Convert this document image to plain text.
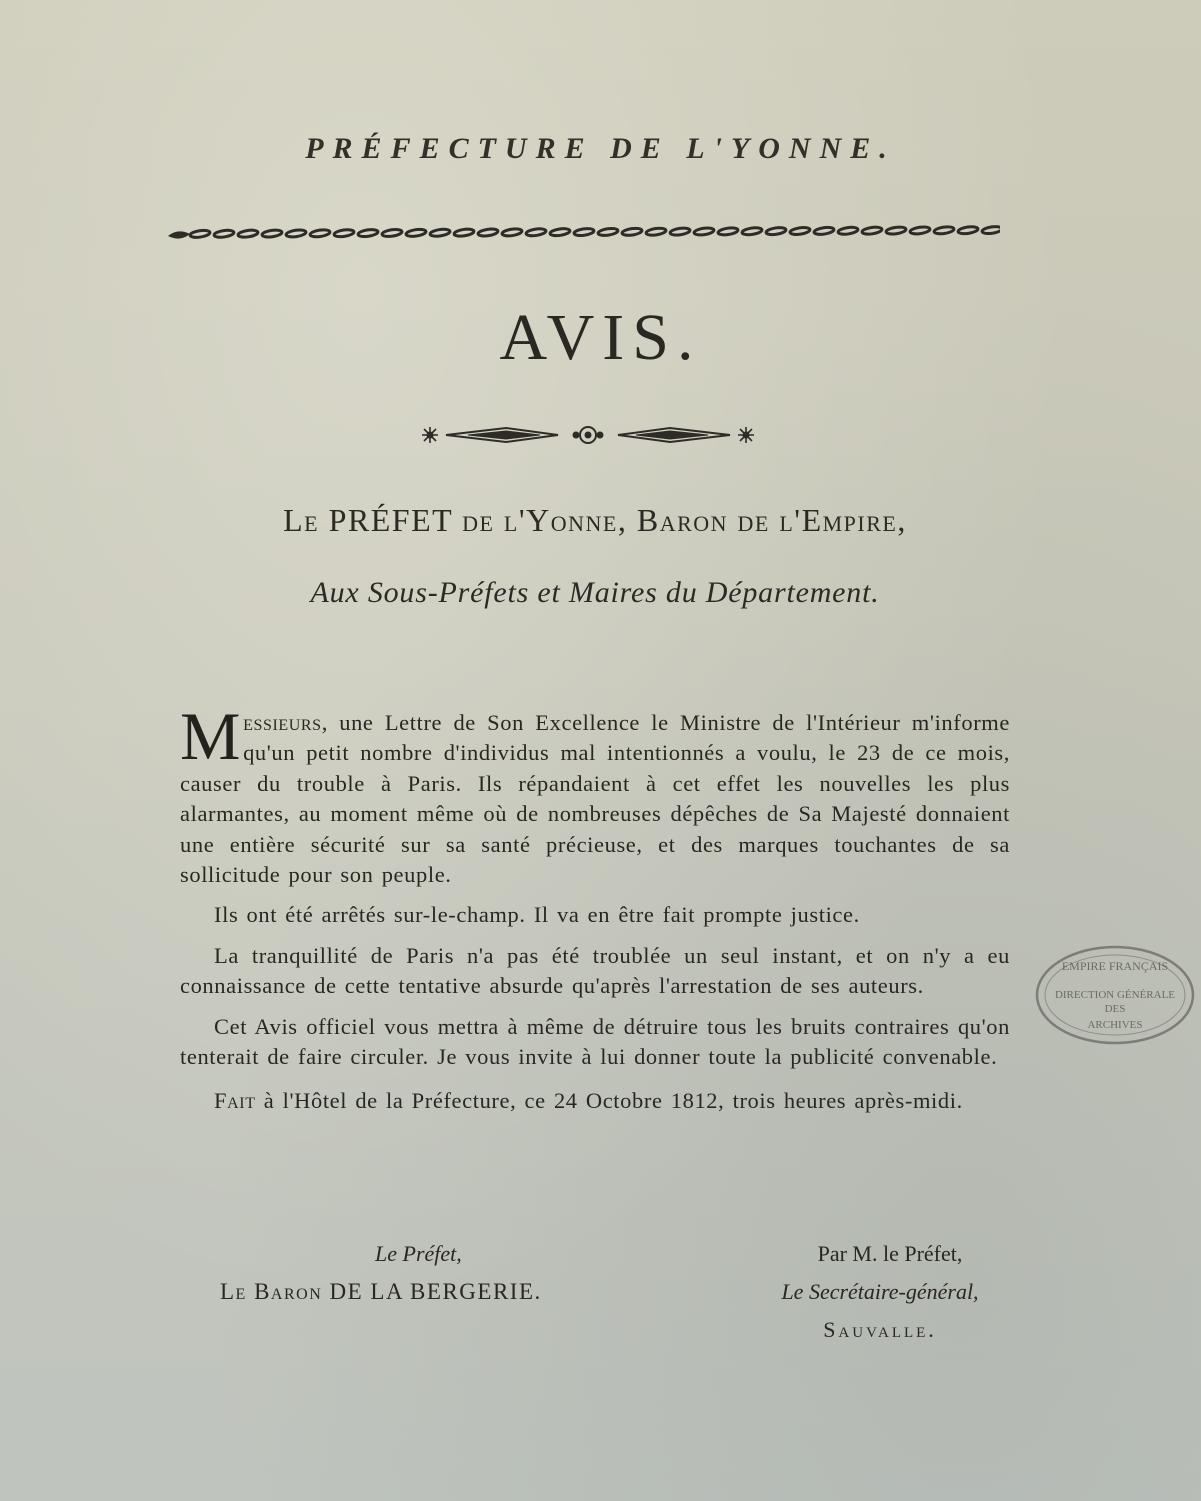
PRÉFECTURE DE L'YONNE.
AVIS.
Le PRÉFET de l'Yonne, Baron de l'Empire,
Aux Sous-Préfets et Maires du Département.

Messieurs, une Lettre de Son Excellence le Ministre de l'Intérieur m'informe qu'un petit nombre d'individus mal intentionnés a voulu, le 23 de ce mois, causer du trouble à Paris. Ils répandaient à cet effet les nouvelles les plus alarmantes, au moment même où de nombreuses dépêches de Sa Majesté donnaient une entière sécurité sur sa santé précieuse, et des marques touchantes de sa sollicitude pour son peuple.

Ils ont été arrêtés sur-le-champ. Il va en être fait prompte justice.

La tranquillité de Paris n'a pas été troublée un seul instant, et on n'y a eu connaissance de cette tentative absurde qu'après l'arrestation de ses auteurs.

Cet Avis officiel vous mettra à même de détruire tous les bruits contraires qu'on tenterait de faire circuler. Je vous invite à lui donner toute la publicité convenable.

Fait à l'Hôtel de la Préfecture, ce 24 Octobre 1812, trois heures après-midi.

Le Préfet,
Le Baron DE LA BERGERIE.
Par M. le Préfet,
Le Secrétaire-général,
Sauvalle.
EMPIRE FRANÇAIS
DIRECTION GÉNÉRALE
DES
ARCHIVES
